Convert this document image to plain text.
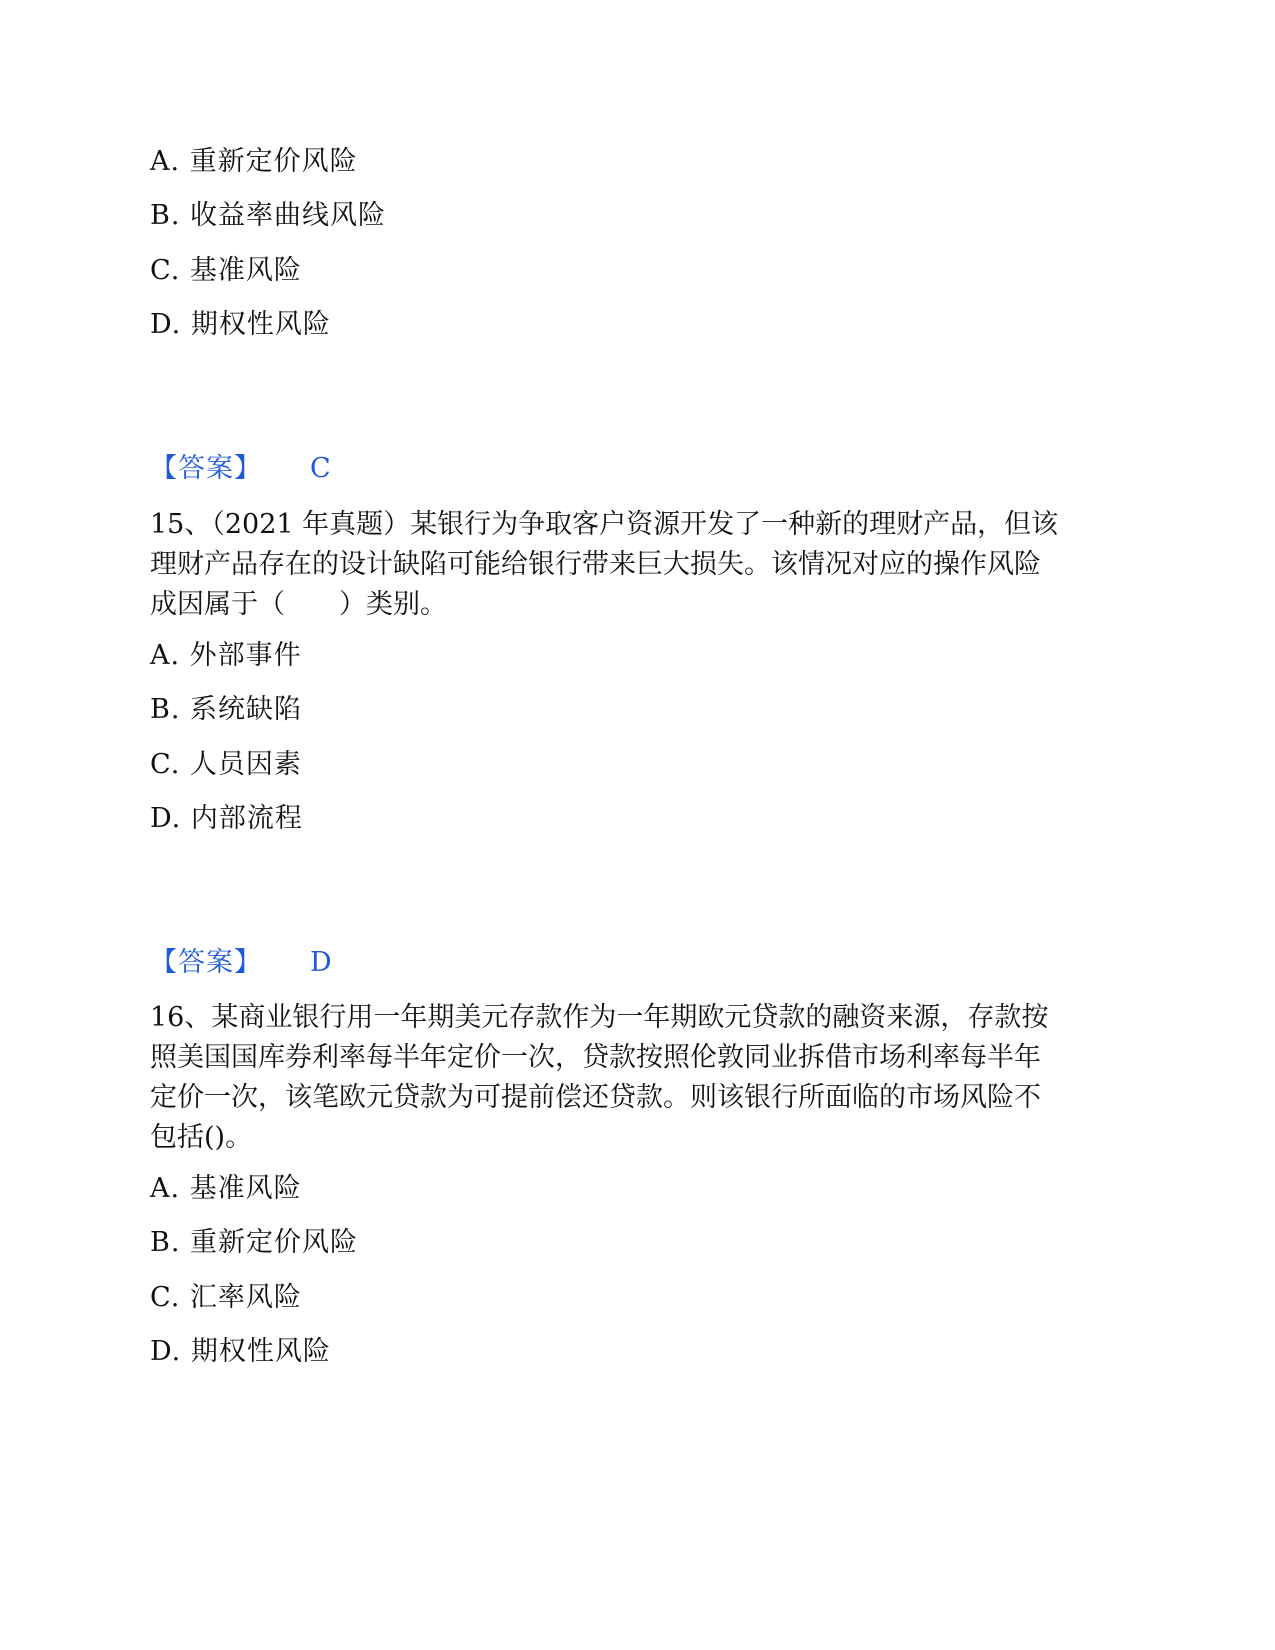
A. 重新定价风险
B. 收益率曲线风险
C. 基准风险
D. 期权性风险
【答案】 C
15、（2021 年真题）某银行为争取客户资源开发了一种新的理财产品，但该
理财产品存在的设计缺陷可能给银行带来巨大损失。该情况对应的操作风险
成因属于（　　）类别。
A. 外部事件
B. 系统缺陷
C. 人员因素
D. 内部流程
【答案】 D
16、某商业银行用一年期美元存款作为一年期欧元贷款的融资来源，存款按
照美国国库券利率每半年定价一次，贷款按照伦敦同业拆借市场利率每半年
定价一次，该笔欧元贷款为可提前偿还贷款。则该银行所面临的市场风险不
包括()。
A. 基准风险
B. 重新定价风险
C. 汇率风险
D. 期权性风险
